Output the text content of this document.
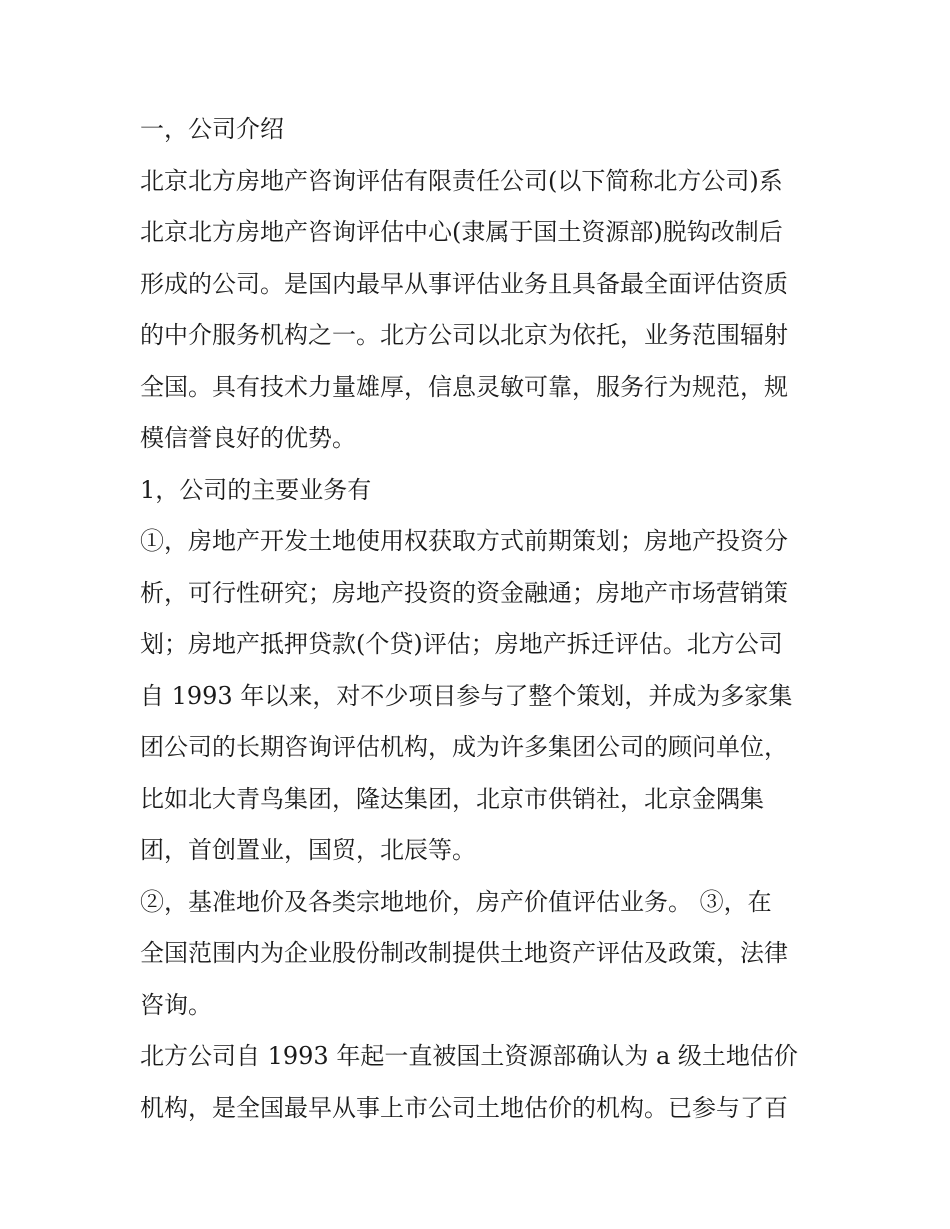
一，公司介绍

北京北方房地产咨询评估有限责任公司(以下简称北方公司)系
北京北方房地产咨询评估中心(隶属于国土资源部)脱钩改制后
形成的公司。是国内最早从事评估业务且具备最全面评估资质
的中介服务机构之一。北方公司以北京为依托，业务范围辐射
全国。具有技术力量雄厚，信息灵敏可靠，服务行为规范，规
模信誉良好的优势。

1，公司的主要业务有

①，房地产开发土地使用权获取方式前期策划；房地产投资分
析，可行性研究；房地产投资的资金融通；房地产市场营销策
划；房地产抵押贷款(个贷)评估；房地产拆迁评估。北方公司
自 1993 年以来，对不少项目参与了整个策划，并成为多家集
团公司的长期咨询评估机构，成为许多集团公司的顾问单位，
比如北大青鸟集团，隆达集团，北京市供销社，北京金隅集
团，首创置业，国贸，北辰等。

②，基准地价及各类宗地地价，房产价值评估业务。 ③，在
全国范围内为企业股份制改制提供土地资产评估及政策，法律
咨询。

北方公司自 1993 年起一直被国土资源部确认为 a 级土地估价
机构，是全国最早从事上市公司土地估价的机构。已参与了百
